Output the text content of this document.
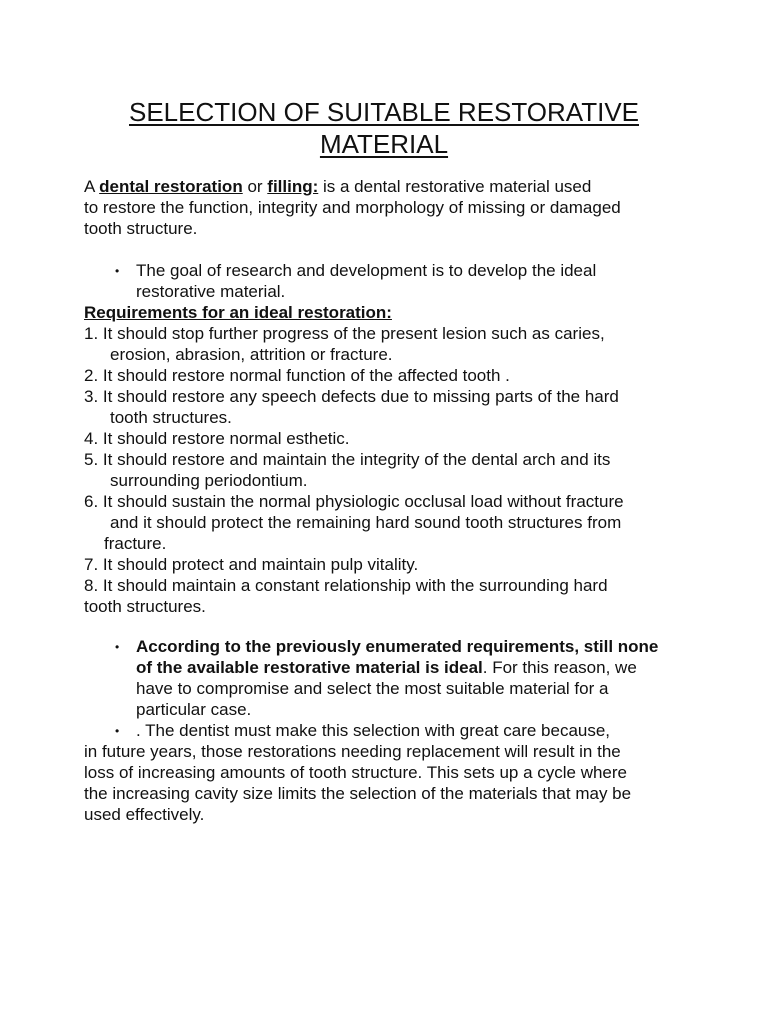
SELECTION OF SUITABLE RESTORATIVE
MATERIAL
A dental restoration or filling: is a dental restorative material used
to restore the function, integrity and morphology of missing or damaged
tooth structure.
• The goal of research and development is to develop the ideal
restorative material.
Requirements for an ideal restoration:
1. It should stop further progress of the present lesion such as caries,
erosion, abrasion, attrition or fracture.
2. It should restore normal function of the affected tooth .
3. It should restore any speech defects due to missing parts of the hard
tooth structures.
4. It should restore normal esthetic.
5. It should restore and maintain the integrity of the dental arch and its
surrounding periodontium.
6. It should sustain the normal physiologic occlusal load without fracture
and it should protect the remaining hard sound tooth structures from
fracture.
7. It should protect and maintain pulp vitality.
8. It should maintain a constant relationship with the surrounding hard
tooth structures.
• According to the previously enumerated requirements, still none
of the available restorative material is ideal. For this reason, we
have to compromise and select the most suitable material for a
particular case.
• . The dentist must make this selection with great care because,
in future years, those restorations needing replacement will result in the
loss of increasing amounts of tooth structure. This sets up a cycle where
the increasing cavity size limits the selection of the materials that may be
used effectively.
